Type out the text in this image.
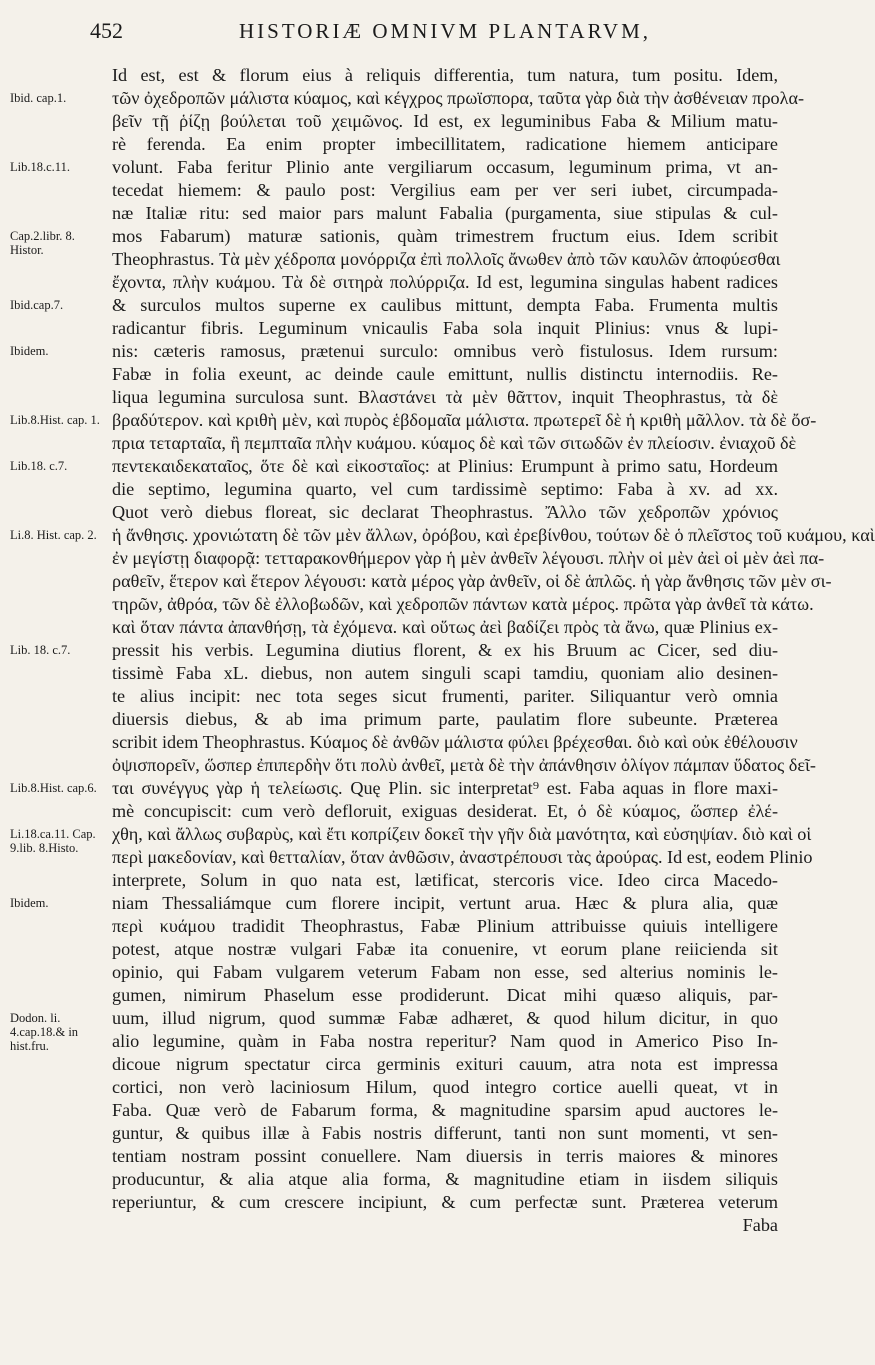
452	HISTORIÆ OMNIVM PLANTARVM,
Ibid. cap.1.
Lib.18.c.11.
Cap.2.libr. 8. Histor.
Ibid.cap.7.
Ibidem.
Lib.8.Hist. cap. 1.
Lib.18. c.7.
Li.8. Hist. cap. 2.
Lib. 18. c.7.
Lib.8.Hist. cap.6.
Li.18.ca.11. Cap. 9.lib. 8.Histo.
Ibidem.
Dodon. li. 4.cap.18.& in hist.fru.
Id est, est & florum eius à reliquis differentia, tum natura, tum positu. Idem,
τῶν ὀχεδροπῶν μάλιστα κύαμος, καὶ κέγχρος πρωϊσπορα, ταῦτα γὰρ διὰ τὴν ἀσθένειαν προλα-
βεῖν τῇ ῥίζῃ βούλεται τοῦ χειμῶνος. Id est, ex leguminibus Faba & Milium matu-
rè ferenda. Ea enim propter imbecillitatem, radicatione hiemem anticipare
volunt. Faba feritur Plinio ante vergiliarum occasum, leguminum prima, vt an-
tecedat hiemem: & paulo post: Vergilius eam per ver seri iubet, circumpada-
næ Italiæ ritu: sed maior pars malunt Fabalia (purgamenta, siue stipulas & cul-
mos Fabarum) maturæ sationis, quàm trimestrem fructum eius. Idem scribit
Theophrastus. Τὰ μὲν χέδροπα μονόρριζα ἐπὶ πολλοῖς ἄνωθεν ἀπὸ τῶν καυλῶν ἀποφύεσθαι
ἔχοντα, πλὴν κυάμου. Τὰ δὲ σιτηρὰ πολύρριζα. Id est, legumina singulas habent radices
& surculos multos superne ex caulibus mittunt, dempta Faba. Frumenta multis
radicantur fibris. Leguminum vnicaulis Faba sola inquit Plinius: vnus & lupi-
nis: cæteris ramosus, prætenui surculo: omnibus verò fistulosus. Idem rursum:
Fabæ in folia exeunt, ac deinde caule emittunt, nullis distinctu internodiis. Re-
liqua legumina surculosa sunt. Βλαστάνει τὰ μὲν θᾶττον, inquit Theophrastus, τὰ δὲ
βραδύτερον. καὶ κριθὴ μὲν, καὶ πυρὸς ἑβδομαῖα μάλιστα. πρωτερεῖ δὲ ἡ κριθὴ μᾶλλον. τὰ δὲ ὄσ-
πρια τεταρταῖα, ἢ πεμπταῖα πλὴν κυάμου. κύαμος δὲ καὶ τῶν σιτωδῶν ἐν πλείοσιν. ἐνιαχοῦ δὲ
πεντεκαιδεκαταῖος, ὅτε δὲ καὶ εἰκοσταῖος: at Plinius: Erumpunt à primo satu, Hordeum
die septimo, legumina quarto, vel cum tardissimè septimo: Faba à xv. ad xx.
Quot verò diebus floreat, sic declarat Theophrastus. Ἄλλο τῶν χεδροπῶν χρόνιος
ἡ ἄνθησις. χρονιώτατη δὲ τῶν μὲν ἄλλων, ὀρόβου, καὶ ἐρεβίνθου, τούτων δὲ ὁ πλεῖστος τοῦ κυάμου, καὶ
ἐν μεγίστῃ διαφορᾷ: τετταρακονθήμερον γὰρ ἡ μὲν ἀνθεῖν λέγουσι. πλὴν οἱ μὲν ἀεὶ οἱ μὲν ἀεὶ πα-
ραθεῖν, ἕτερον καὶ ἕτερον λέγουσι: κατὰ μέρος γὰρ ἀνθεῖν, οἱ δὲ ἁπλῶς. ἡ γὰρ ἄνθησις τῶν μὲν σι-
τηρῶν, ἀθρόα, τῶν δὲ ἐλλοβωδῶν, καὶ χεδροπῶν πάντων κατὰ μέρος. πρῶτα γὰρ ἀνθεῖ τὰ κάτω.
καὶ ὅταν πάντα ἀπανθήσῃ, τὰ ἐχόμενα. καὶ οὕτως ἀεὶ βαδίζει πρὸς τὰ ἄνω, quæ Plinius ex-
pressit his verbis. Legumina diutius florent, & ex his Bruum ac Cicer, sed diu-
tissimè Faba xL. diebus, non autem singuli scapi tamdiu, quoniam alio desinen-
te alius incipit: nec tota seges sicut frumenti, pariter. Siliquantur verò omnia
diuersis diebus, & ab ima primum parte, paulatim flore subeunte. Præterea
scribit idem Theophrastus. Κύαμος δὲ ἀνθῶν μάλιστα φύλει βρέχεσθαι. διὸ καὶ οὐκ ἐθέλουσιν
ὀψισπορεῖν, ὥσπερ ἐπιπερδὴν ὅτι πολὺ ἀνθεῖ, μετὰ δὲ τὴν ἀπάνθησιν ὀλίγον πάμπαν ὕδατος δεῖ-
ται συνέγγυς γὰρ ἡ τελείωσις. Quę Plin. sic interpretat⁹ est. Faba aquas in flore maxi-
mè concupiscit: cum verò defloruit, exiguas desiderat. Et, ὁ δὲ κύαμος, ὥσπερ ἐλέ-
χθη, καὶ ἄλλως συβαρὺς, καὶ ἔτι κοπρίζειν δοκεῖ τὴν γῆν διὰ μανότητα, καὶ εὐσηψίαν. διὸ καὶ οἱ
περὶ μακεδονίαν, καὶ θετταλίαν, ὅταν ἀνθῶσιν, ἀναστρέπουσι τὰς ἀρούρας. Id est, eodem Plinio
interprete, Solum in quo nata est, lætificat, stercoris vice. Ideo circa Macedo-
niam Thessaliámque cum florere incipit, vertunt arua. Hæc & plura alia, quæ
περὶ κυάμου tradidit Theophrastus, Fabæ Plinium attribuisse quiuis intelligere
potest, atque nostræ vulgari Fabæ ita conuenire, vt eorum plane reiicienda sit
opinio, qui Fabam vulgarem veterum Fabam non esse, sed alterius nominis le-
gumen, nimirum Phaselum esse prodiderunt. Dicat mihi quæso aliquis, par-
uum, illud nigrum, quod summæ Fabæ adhæret, & quod hilum dicitur, in quo
alio legumine, quàm in Faba nostra reperitur? Nam quod in Americo Piso In-
dicoue nigrum spectatur circa germinis exituri cauum, atra nota est impressa
cortici, non verò laciniosum Hilum, quod integro cortice auelli queat, vt in
Faba. Quæ verò de Fabarum forma, & magnitudine sparsim apud auctores le-
guntur, & quibus illæ à Fabis nostris differunt, tanti non sunt momenti, vt sen-
tentiam nostram possint conuellere. Nam diuersis in terris maiores & minores
producuntur, & alia atque alia forma, & magnitudine etiam in iisdem siliquis
reperiuntur, & cum crescere incipiunt, & cum perfectæ sunt. Præterea veterum
Faba
